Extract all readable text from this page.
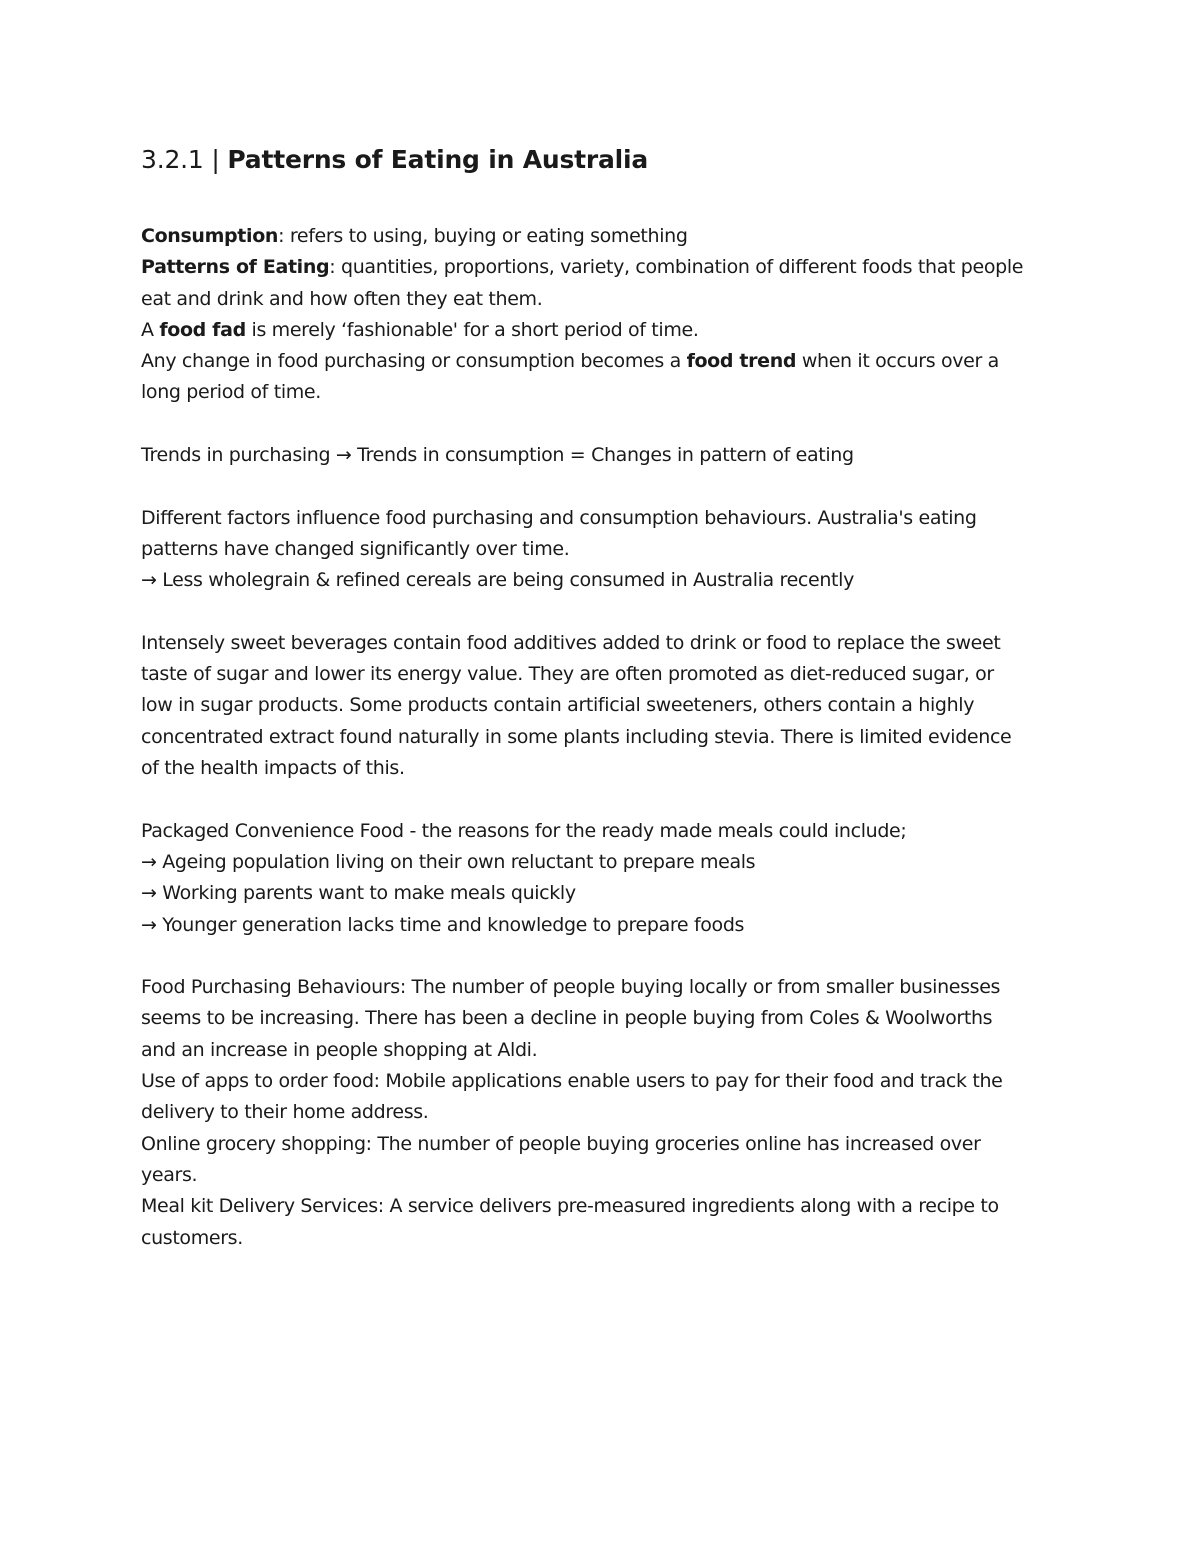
3.2.1 | Patterns of Eating in Australia
Consumption: refers to using, buying or eating something
Patterns of Eating: quantities, proportions, variety, combination of different foods that people
eat and drink and how often they eat them.
A food fad is merely ‘fashionable' for a short period of time.
Any change in food purchasing or consumption becomes a food trend when it occurs over a
long period of time.
Trends in purchasing → Trends in consumption = Changes in pattern of eating
Different factors influence food purchasing and consumption behaviours. Australia's eating
patterns have changed significantly over time.
→ Less wholegrain & refined cereals are being consumed in Australia recently
Intensely sweet beverages contain food additives added to drink or food to replace the sweet
taste of sugar and lower its energy value. They are often promoted as diet-reduced sugar, or
low in sugar products. Some products contain artificial sweeteners, others contain a highly
concentrated extract found naturally in some plants including stevia. There is limited evidence
of the health impacts of this.
Packaged Convenience Food - the reasons for the ready made meals could include;
→ Ageing population living on their own reluctant to prepare meals
→ Working parents want to make meals quickly
→ Younger generation lacks time and knowledge to prepare foods
Food Purchasing Behaviours: The number of people buying locally or from smaller businesses
seems to be increasing. There has been a decline in people buying from Coles & Woolworths
and an increase in people shopping at Aldi.
Use of apps to order food: Mobile applications enable users to pay for their food and track the
delivery to their home address.
Online grocery shopping: The number of people buying groceries online has increased over
years.
Meal kit Delivery Services: A service delivers pre-measured ingredients along with a recipe to
customers.
